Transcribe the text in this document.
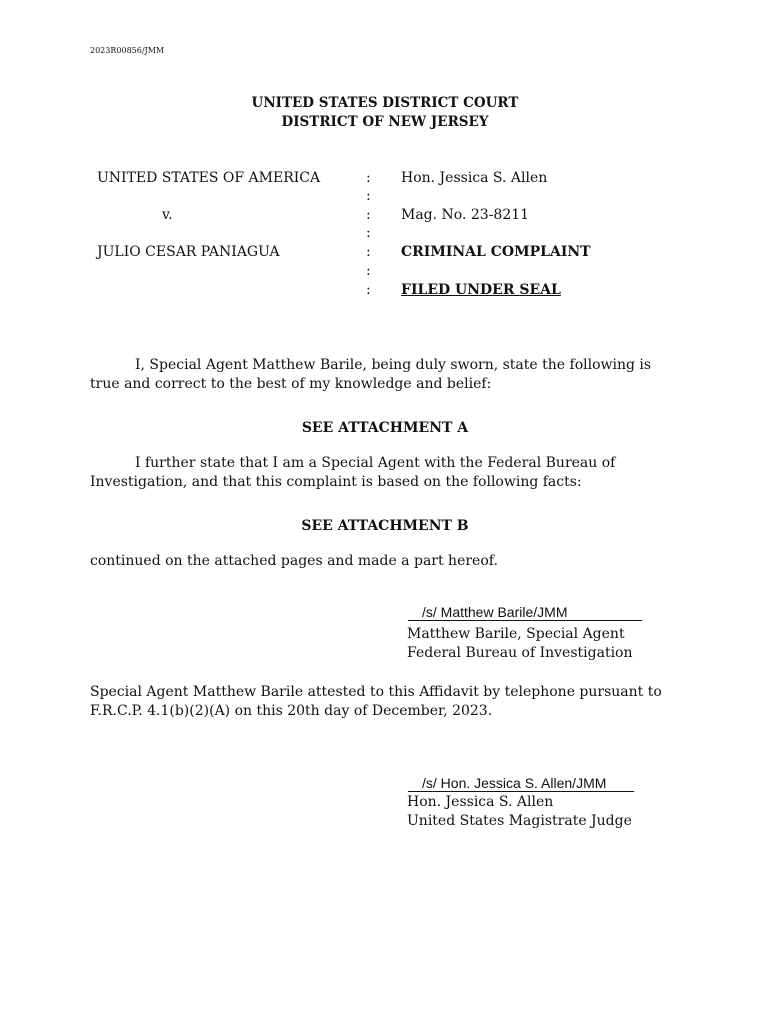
2023R00856/JMM
UNITED STATES DISTRICT COURT
DISTRICT OF NEW JERSEY
UNITED STATES OF AMERICA
v.
JULIO CESAR PANIAGUA
:
:
:
:
:
:
:
Hon. Jessica S. Allen
Mag. No. 23-8211
CRIMINAL COMPLAINT
FILED UNDER SEAL
I, Special Agent Matthew Barile, being duly sworn, state the following is true and correct to the best of my knowledge and belief:
SEE ATTACHMENT A
I further state that I am a Special Agent with the Federal Bureau of Investigation, and that this complaint is based on the following facts:
SEE ATTACHMENT B
continued on the attached pages and made a part hereof.
/s/ Matthew Barile/JMM
Matthew Barile, Special Agent
Federal Bureau of Investigation
Special Agent Matthew Barile attested to this Affidavit by telephone pursuant to F.R.C.P. 4.1(b)(2)(A) on this 20th day of December, 2023.
/s/ Hon. Jessica S. Allen/JMM
Hon. Jessica S. Allen
United States Magistrate Judge
